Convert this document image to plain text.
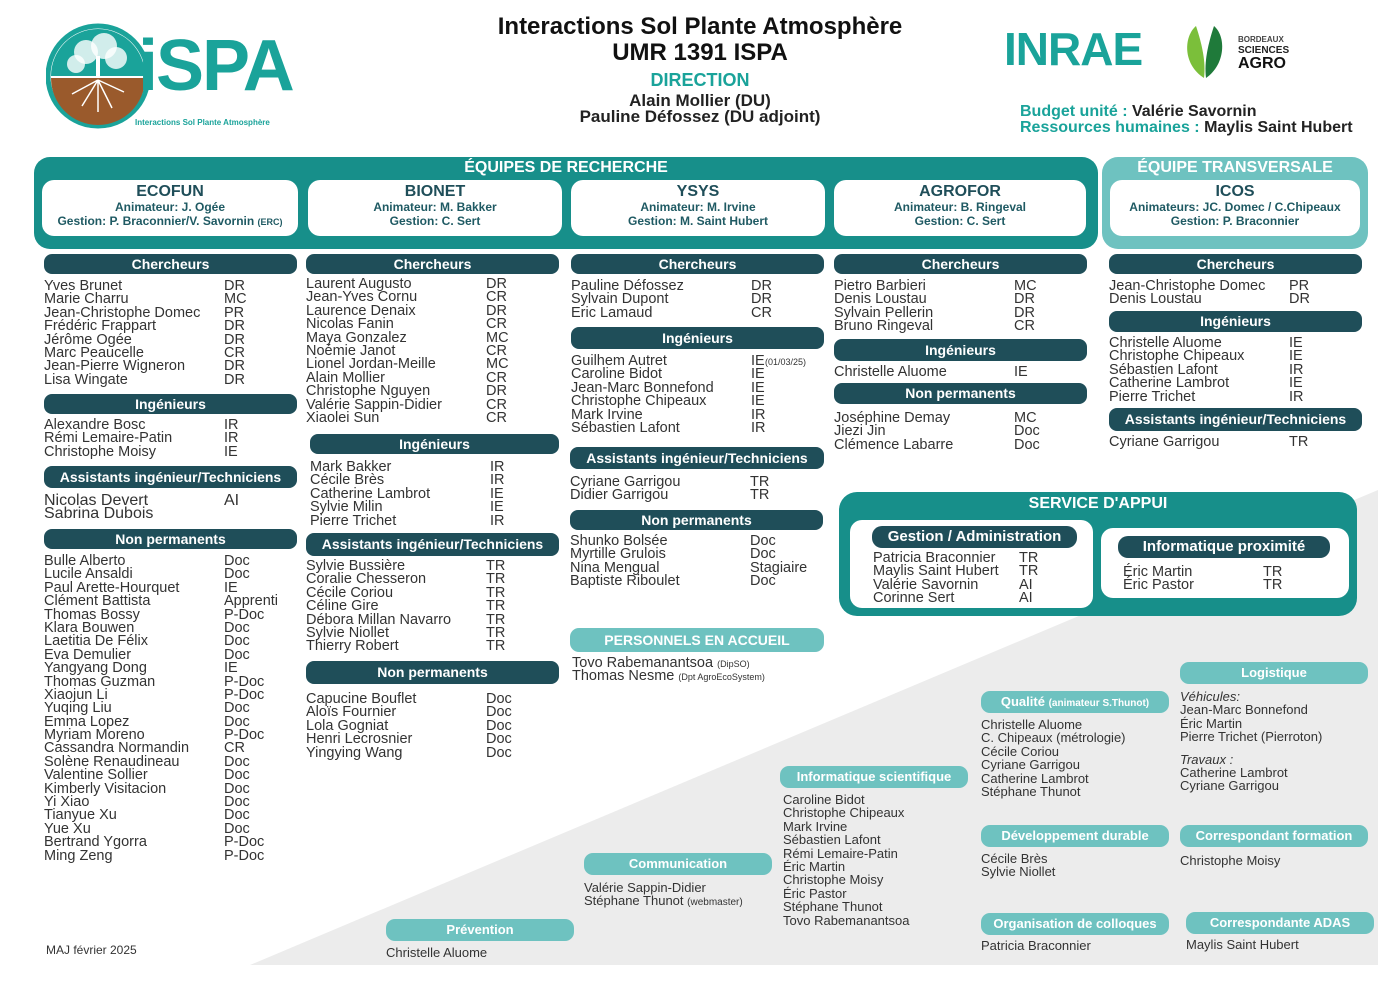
iSPA
Interactions Sol Plante Atmosphère
Interactions Sol Plante Atmosphère
UMR 1391 ISPA
DIRECTION
Alain Mollier (DU)
Pauline Défossez (DU adjoint)
INRAE	BORDEAUX
SCIENCES
AGRO
Budget unité : Valérie Savornin
Ressources humaines : Maylis Saint Hubert
ÉQUIPES DE RECHERCHE	ÉQUIPE TRANSVERSALE
ECOFUN
Animateur: J. Ogée
Gestion: P. Braconnier/V. Savornin (ERC)
BIONET
Animateur: M. Bakker
Gestion: C. Sert
YSYS
Animateur: M. Irvine
Gestion: M. Saint Hubert
AGROFOR
Animateur: B. Ringeval
Gestion: C. Sert
ICOS
Animateurs: JC. Domec / C.Chipeaux
Gestion: P. Braconnier
Chercheurs
Yves Brunet	DR
Marie Charru	MC
Jean-Christophe Domec PR
Frédéric Frappart	DR
Jérôme Ogée	DR
Marc Peaucelle	CR
Jean-Pierre Wigneron	DR
Lisa Wingate	DR
Ingénieurs
Alexandre Bosc	IR
Rémi Lemaire-Patin	IR
Christophe Moisy	IE
Assistants ingénieur/Techniciens
Nicolas Devert	AI
Sabrina Dubois
Non permanents
Bulle Alberto	Doc
Lucile Ansaldi	Doc
Paul Arette-Hourquet	IE
Clément Battista	Apprenti
Thomas Bossy	P-Doc
Klara Bouwen	Doc
Laetitia De Félix	Doc
Eva Demulier	Doc
Yangyang Dong	IE
Thomas Guzman	P-Doc
Xiaojun Li	P-Doc
Yuqing Liu	Doc
Emma Lopez	Doc
Myriam Moreno	P-Doc
Cassandra Normandin CR
Solène Renaudineau	Doc
Valentine Sollier	Doc
Kimberly Visitacion	Doc
Yi Xiao	Doc
Tianyue Xu	Doc
Yue Xu	Doc
Bertrand Ygorra	P-Doc
Ming Zeng	P-Doc
Chercheurs
Laurent Augusto	DR
Jean-Yves Cornu	CR
Laurence Denaix	DR
Nicolas Fanin	CR
Maya Gonzalez	MC
Noémie Janot	CR
Lionel Jordan-Meille	MC
Alain Mollier	CR
Christophe Nguyen	DR
Valérie Sappin-Didier	CR
Xiaolei Sun	CR
Ingénieurs
Mark Bakker	IR
Cécile Brès	IR
Catherine Lambrot	IE
Sylvie Milin	IE
Pierre Trichet	IR
Assistants ingénieur/Techniciens
Sylvie Bussière	TR
Coralie Chesseron	TR
Cécile Coriou	TR
Céline Gire	TR
Débora Millan Navarro TR
Sylvie Niollet	TR
Thierry Robert	TR
Non permanents
Capucine Bouflet	Doc
Aloïs Fournier	Doc
Lola Gogniat	Doc
Henri Lecrosnier	Doc
Yingying Wang	Doc
Chercheurs
Pauline Défossez	DR
Sylvain Dupont	DR
Eric Lamaud	CR
Ingénieurs
Guilhem Autret	IE (01/03/25)
Caroline Bidot	IE
Jean-Marc Bonnefond	IE
Christophe Chipeaux	IE
Mark Irvine	IR
Sébastien Lafont	IR
Assistants ingénieur/Techniciens
Cyriane Garrigou	TR
Didier Garrigou	TR
Non permanents
Shunko Bolsée	Doc
Myrtille Grulois	Doc
Nina Mengual	Stagiaire
Baptiste Riboulet	Doc
PERSONNELS EN ACCUEIL
Tovo Rabemanantsoa (DipSO)
Thomas Nesme (Dpt AgroEcoSystem)
Chercheurs
Pietro Barbieri	MC
Denis Loustau	DR
Sylvain Pellerin	DR
Bruno Ringeval	CR
Ingénieurs
Christelle Aluome	IE
Non permanents
Joséphine Demay	MC
Jiezi Jin	Doc
Clémence Labarre	Doc
Chercheurs
Jean-Christophe Domec PR
Denis Loustau	DR
Ingénieurs
Christelle Aluome	IE
Christophe Chipeaux	IE
Sébastien Lafont	IR
Catherine Lambrot	IE
Pierre Trichet	IR
Assistants ingénieur/Techniciens
Cyriane Garrigou	TR
SERVICE D'APPUI
Gestion / Administration
Patricia Braconnier TR
Maylis Saint Hubert TR
Valérie Savornin	AI
Corinne Sert	AI
Informatique proximité
Éric Martin	TR
Éric Pastor	TR
Prévention
Christelle Aluome
Communication
Valérie Sappin-Didier
Stéphane Thunot (webmaster)
Informatique scientifique
Caroline Bidot
Christophe Chipeaux
Mark Irvine
Sébastien Lafont
Rémi Lemaire-Patin
Éric Martin
Christophe Moisy
Éric Pastor
Stéphane Thunot
Tovo Rabemanantsoa
Qualité (animateur S.Thunot)
Christelle Aluome
C. Chipeaux (métrologie)
Cécile Coriou
Cyriane Garrigou
Catherine Lambrot
Stéphane Thunot
Développement durable
Cécile Brès
Sylvie Niollet
Organisation de colloques
Patricia Braconnier
Logistique
Véhicules:
Jean-Marc Bonnefond
Éric Martin
Pierre Trichet (Pierroton)
Travaux :
Catherine Lambrot
Cyriane Garrigou
Correspondant formation
Christophe Moisy
Correspondante ADAS
Maylis Saint Hubert
MAJ février 2025
